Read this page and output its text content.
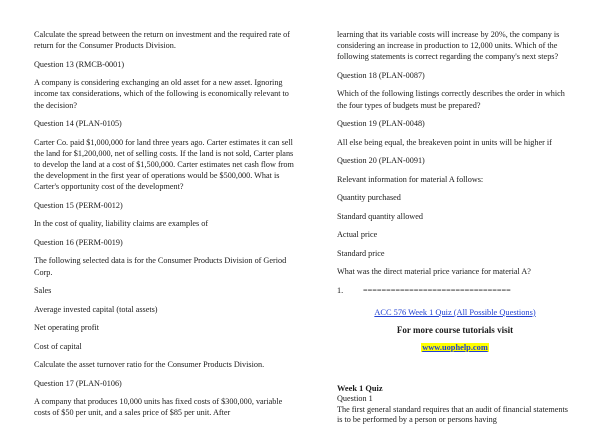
Calculate the spread between the return on investment and the required rate of return for the Consumer Products Division.

Question 13 (RMCB-0001)

A company is considering exchanging an old asset for a new asset. Ignoring income tax considerations, which of the following is economically relevant to the decision?

Question 14 (PLAN-0105)

Carter Co. paid $1,000,000 for land three years ago. Carter estimates it can sell the land for $1,200,000, net of selling costs. If the land is not sold, Carter plans to develop the land at a cost of $1,500,000. Carter estimates net cash flow from the development in the first year of operations would be $500,000. What is Carter's opportunity cost of the development?

Question 15 (PERM-0012)

In the cost of quality, liability claims are examples of

Question 16 (PERM-0019)

The following selected data is for the Consumer Products Division of Geriod Corp.

Sales

Average invested capital (total assets)

Net operating profit

Cost of capital

Calculate the asset turnover ratio for the Consumer Products Division.

Question 17 (PLAN-0106)

A company that produces 10,000 units has fixed costs of $300,000, variable costs of $50 per unit, and a sales price of $85 per unit. After

learning that its variable costs will increase by 20%, the company is considering an increase in production to 12,000 units. Which of the following statements is correct regarding the company's next steps?

Question 18 (PLAN-0087)

Which of the following listings correctly describes the order in which the four types of budgets must be prepared?

Question 19 (PLAN-0048)

All else being equal, the breakeven point in units will be higher if

Question 20 (PLAN-0091)

Relevant information for material A follows:

Quantity purchased

Standard quantity allowed

Actual price

Standard price

What was the direct material price variance for material A?

1. ================================

ACC 576 Week 1 Quiz (All Possible Questions)

For more course tutorials visit

www.uophelp.com

Week 1 Quiz

Question 1

The first general standard requires that an audit of financial statements is to be performed by a person or persons having
